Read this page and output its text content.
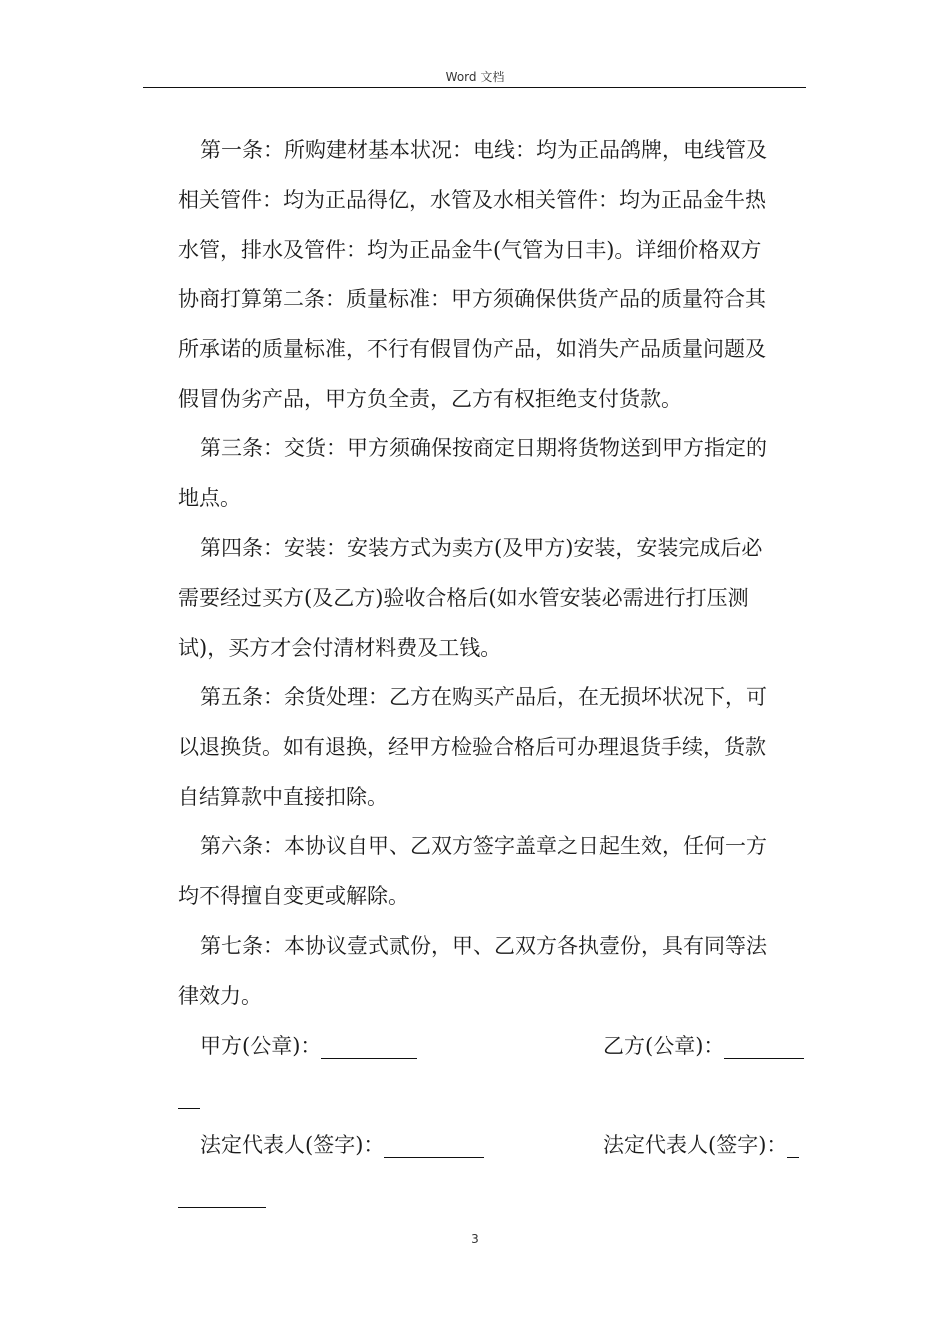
Word 文档
第一条：所购建材基本状况：电线：均为正品鸽牌，电线管及
相关管件：均为正品得亿，水管及水相关管件：均为正品金牛热
水管，排水及管件：均为正品金牛(气管为日丰)。详细价格双方
协商打算第二条：质量标准：甲方须确保供货产品的质量符合其
所承诺的质量标准，不行有假冒伪产品，如消失产品质量问题及
假冒伪劣产品，甲方负全责，乙方有权拒绝支付货款。
第三条：交货：甲方须确保按商定日期将货物送到甲方指定的
地点。
第四条：安装：安装方式为卖方(及甲方)安装，安装完成后必
需要经过买方(及乙方)验收合格后(如水管安装必需进行打压测
试)，买方才会付清材料费及工钱。
第五条：余货处理：乙方在购买产品后，在无损坏状况下，可
以退换货。如有退换，经甲方检验合格后可办理退货手续，货款
自结算款中直接扣除。
第六条：本协议自甲、乙双方签字盖章之日起生效，任何一方
均不得擅自变更或解除。
第七条：本协议壹式贰份，甲、乙双方各执壹份，具有同等法
律效力。
甲方(公章)：	乙方(公章)：
法定代表人(签字)：	法定代表人(签字)：
3
